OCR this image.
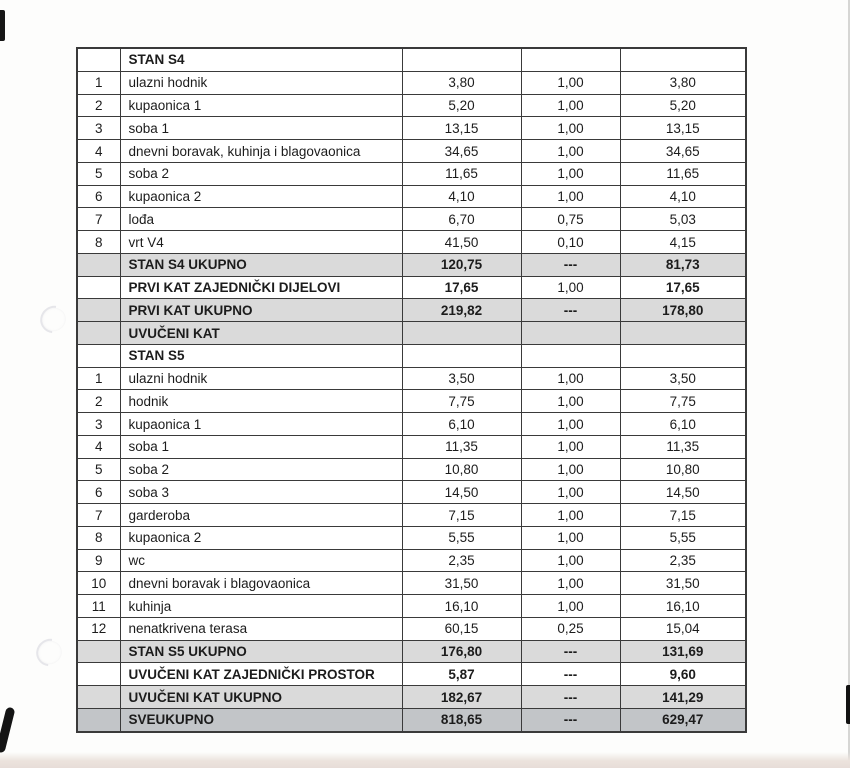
	STAN S4			
1	ulazni hodnik	3,80	1,00	3,80
2	kupaonica 1	5,20	1,00	5,20
3	soba 1	13,15	1,00	13,15
4	dnevni boravak, kuhinja i blagovaonica	34,65	1,00	34,65
5	soba 2	11,65	1,00	11,65
6	kupaonica 2	4,10	1,00	4,10
7	lođa	6,70	0,75	5,03
8	vrt V4	41,50	0,10	4,15
	STAN S4 UKUPNO	120,75	---	81,73
	PRVI KAT ZAJEDNIČKI DIJELOVI	17,65	1,00	17,65
	PRVI KAT UKUPNO	219,82	---	178,80
	UVUČENI KAT			
	STAN S5			
1	ulazni hodnik	3,50	1,00	3,50
2	hodnik	7,75	1,00	7,75
3	kupaonica 1	6,10	1,00	6,10
4	soba 1	11,35	1,00	11,35
5	soba 2	10,80	1,00	10,80
6	soba 3	14,50	1,00	14,50
7	garderoba	7,15	1,00	7,15
8	kupaonica 2	5,55	1,00	5,55
9	wc	2,35	1,00	2,35
10	dnevni boravak i blagovaonica	31,50	1,00	31,50
11	kuhinja	16,10	1,00	16,10
12	nenatkrivena terasa	60,15	0,25	15,04
	STAN S5 UKUPNO	176,80	---	131,69
	UVUČENI KAT ZAJEDNIČKI PROSTOR	5,87	---	9,60
	UVUČENI KAT UKUPNO	182,67	---	141,29
	SVEUKUPNO	818,65	---	629,47
